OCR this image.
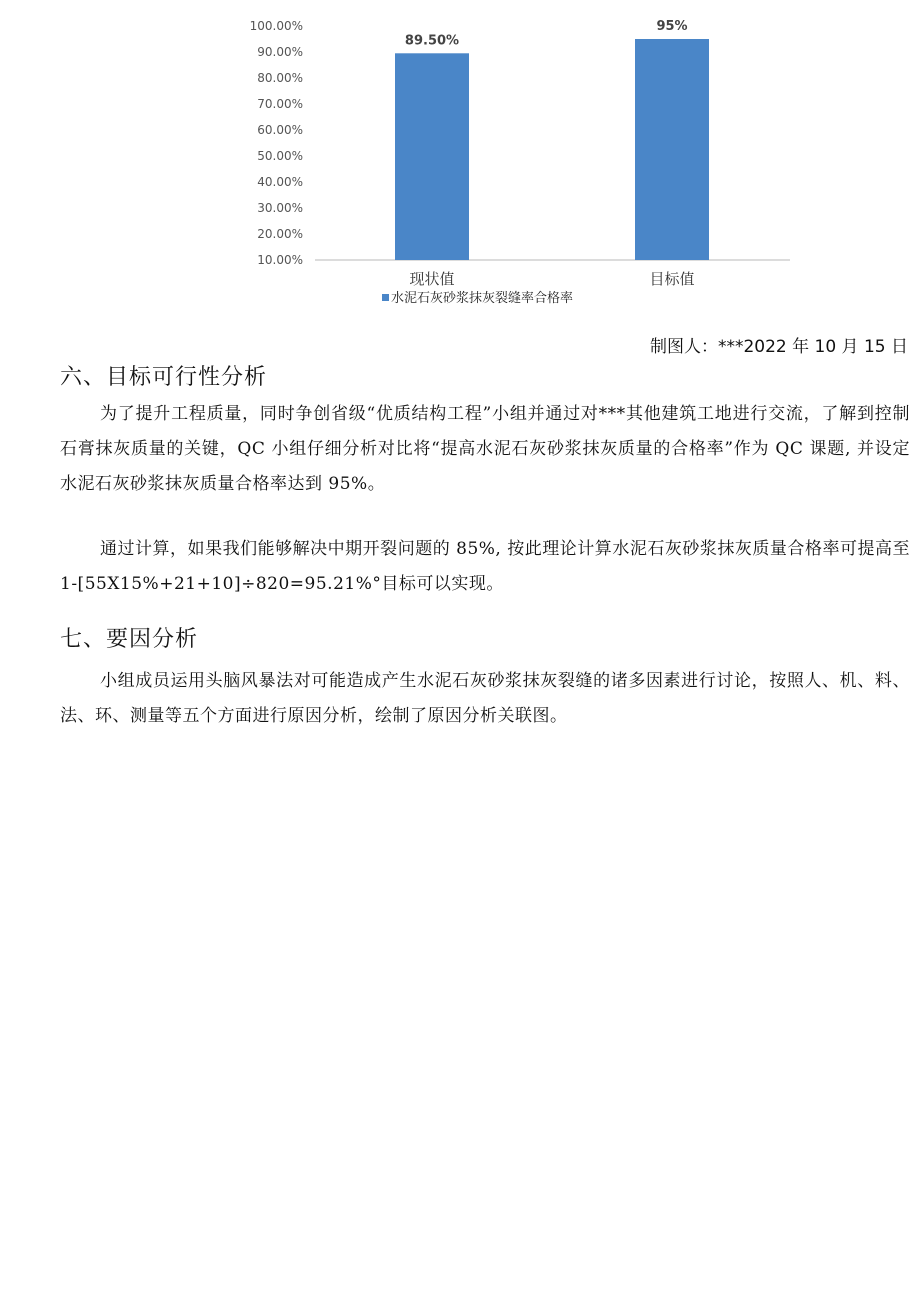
100.00%
90.00%
80.00%
70.00%
60.00%
50.00%
40.00%
30.00%
20.00%
10.00%
89.50%
95%
现状值	目标值
水泥石灰砂浆抹灰裂缝率合格率
制图人：***2022 年 10 月 15 日
六、目标可行性分析
为了提升工程质量，同时争创省级“优质结构工程”小组并通过对***其他建筑工地进行交流，了解到控制石膏抹灰质量的关键，QC 小组仔细分析对比将“提高水泥石灰砂浆抹灰质量的合格率”作为 QC 课题, 并设定水泥石灰砂浆抹灰质量合格率达到 95%。
通过计算，如果我们能够解决中期开裂问题的 85%, 按此理论计算水泥石灰砂浆抹灰质量合格率可提高至 1-[55X15%+21+10]÷820=95.21%°目标可以实现。
七、要因分析
小组成员运用头脑风暴法对可能造成产生水泥石灰砂浆抹灰裂缝的诸多因素进行讨论，按照人、机、料、法、环、测量等五个方面进行原因分析，绘制了原因分析关联图。
